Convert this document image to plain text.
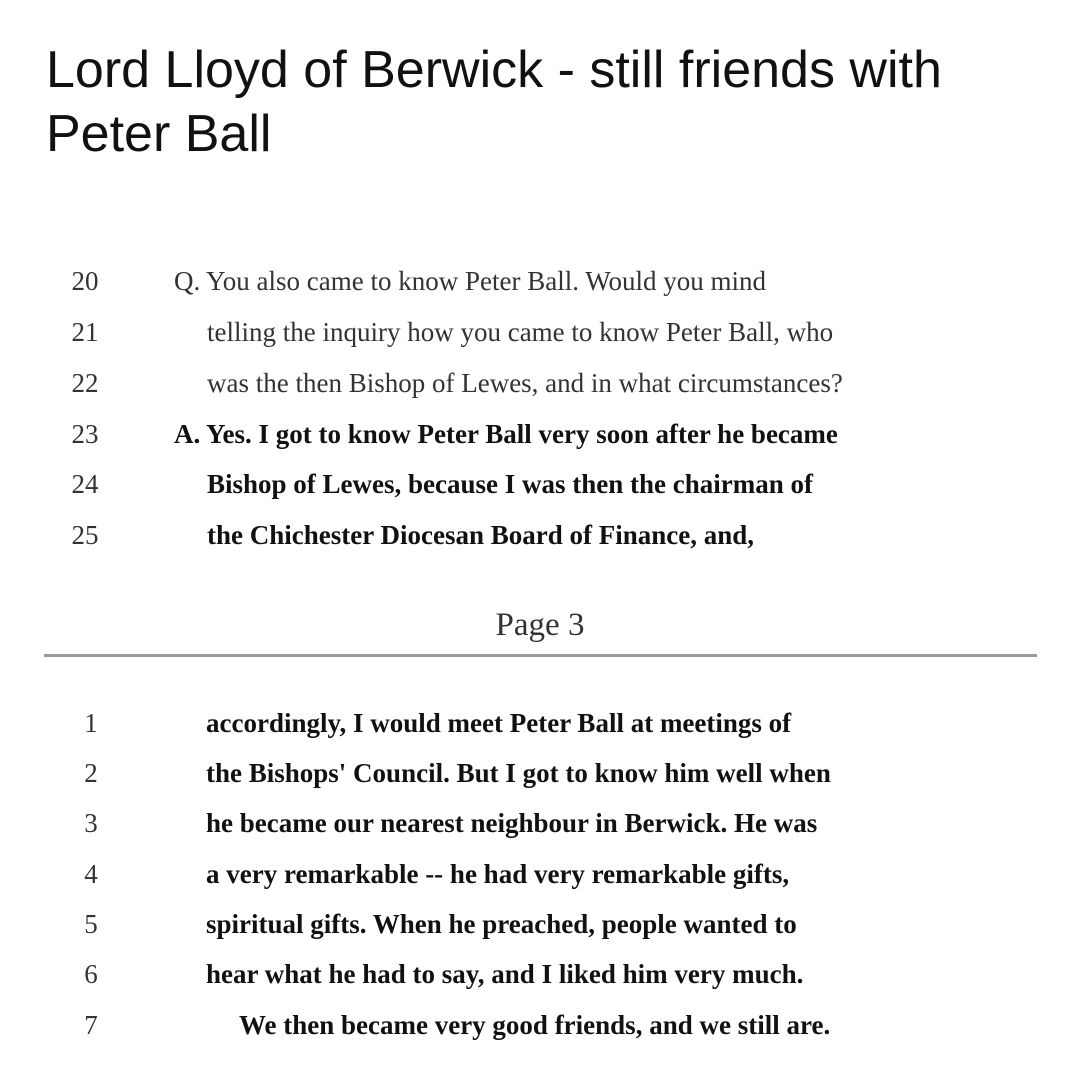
Lord Lloyd of Berwick - still friends with Peter Ball
20	Q. You also came to know Peter Ball. Would you mind
21	telling the inquiry how you came to know Peter Ball, who
22	was the then Bishop of Lewes, and in what circumstances?
23	A. Yes. I got to know Peter Ball very soon after he became
24	Bishop of Lewes, because I was then the chairman of
25	the Chichester Diocesan Board of Finance, and,
Page 3
1	accordingly, I would meet Peter Ball at meetings of
2	the Bishops' Council. But I got to know him well when
3	he became our nearest neighbour in Berwick. He was
4	a very remarkable -- he had very remarkable gifts,
5	spiritual gifts. When he preached, people wanted to
6	hear what he had to say, and I liked him very much.
7	We then became very good friends, and we still are.
